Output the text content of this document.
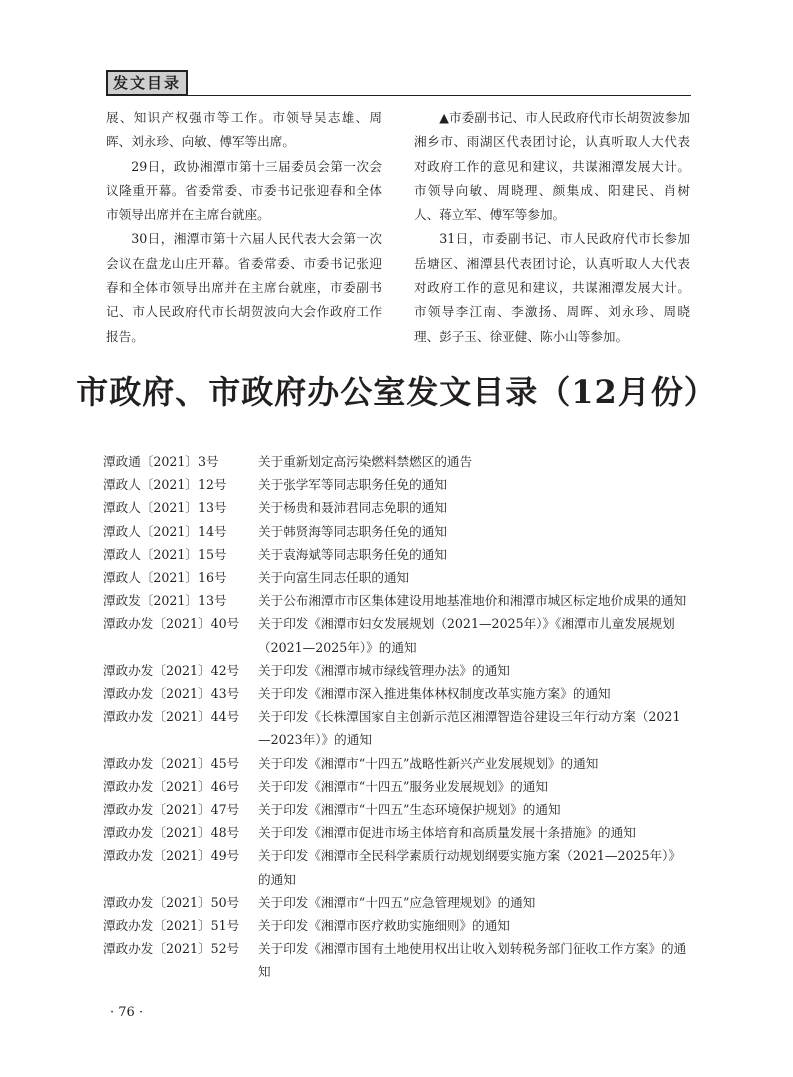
发文目录

展、知识产权强市等工作。市领导吴志雄、周晖、刘永珍、向敏、傅军等出席。

29日，政协湘潭市第十三届委员会第一次会议隆重开幕。省委常委、市委书记张迎春和全体市领导出席并在主席台就座。

30日，湘潭市第十六届人民代表大会第一次会议在盘龙山庄开幕。省委常委、市委书记张迎春和全体市领导出席并在主席台就座，市委副书记、市人民政府代市长胡贺波向大会作政府工作报告。

▲市委副书记、市人民政府代市长胡贺波参加湘乡市、雨湖区代表团讨论，认真听取人大代表对政府工作的意见和建议，共谋湘潭发展大计。市领导向敏、周晓理、颜集成、阳建民、肖树人、蒋立军、傅军等参加。

31日，市委副书记、市人民政府代市长参加岳塘区、湘潭县代表团讨论，认真听取人大代表对政府工作的意见和建议，共谋湘潭发展大计。市领导李江南、李激扬、周晖、刘永珍、周晓理、彭子玉、徐亚健、陈小山等参加。

市政府、市政府办公室发文目录（12月份）
潭政通〔2021〕3号	关于重新划定高污染燃料禁燃区的通告
潭政人〔2021〕12号	关于张学军等同志职务任免的通知
潭政人〔2021〕13号	关于杨贵和聂沛君同志免职的通知
潭政人〔2021〕14号	关于韩贤海等同志职务任免的通知
潭政人〔2021〕15号	关于袁海斌等同志职务任免的通知
潭政人〔2021〕16号	关于向富生同志任职的通知
潭政发〔2021〕13号	关于公布湘潭市市区集体建设用地基准地价和湘潭市城区标定地价成果的通知
潭政办发〔2021〕40号	关于印发《湘潭市妇女发展规划（2021—2025年）》《湘潭市儿童发展规划（2021—2025年）》的通知
潭政办发〔2021〕42号	关于印发《湘潭市城市绿线管理办法》的通知
潭政办发〔2021〕43号	关于印发《湘潭市深入推进集体林权制度改革实施方案》的通知
潭政办发〔2021〕44号	关于印发《长株潭国家自主创新示范区湘潭智造谷建设三年行动方案（2021—2023年）》的通知
潭政办发〔2021〕45号	关于印发《湘潭市“十四五”战略性新兴产业发展规划》的通知
潭政办发〔2021〕46号	关于印发《湘潭市“十四五”服务业发展规划》的通知
潭政办发〔2021〕47号	关于印发《湘潭市“十四五”生态环境保护规划》的通知
潭政办发〔2021〕48号	关于印发《湘潭市促进市场主体培育和高质量发展十条措施》的通知
潭政办发〔2021〕49号	关于印发《湘潭市全民科学素质行动规划纲要实施方案（2021—2025年）》的通知
潭政办发〔2021〕50号	关于印发《湘潭市“十四五”应急管理规划》的通知
潭政办发〔2021〕51号	关于印发《湘潭市医疗救助实施细则》的通知
潭政办发〔2021〕52号	关于印发《湘潭市国有土地使用权出让收入划转税务部门征收工作方案》的通知
· 76 ·
